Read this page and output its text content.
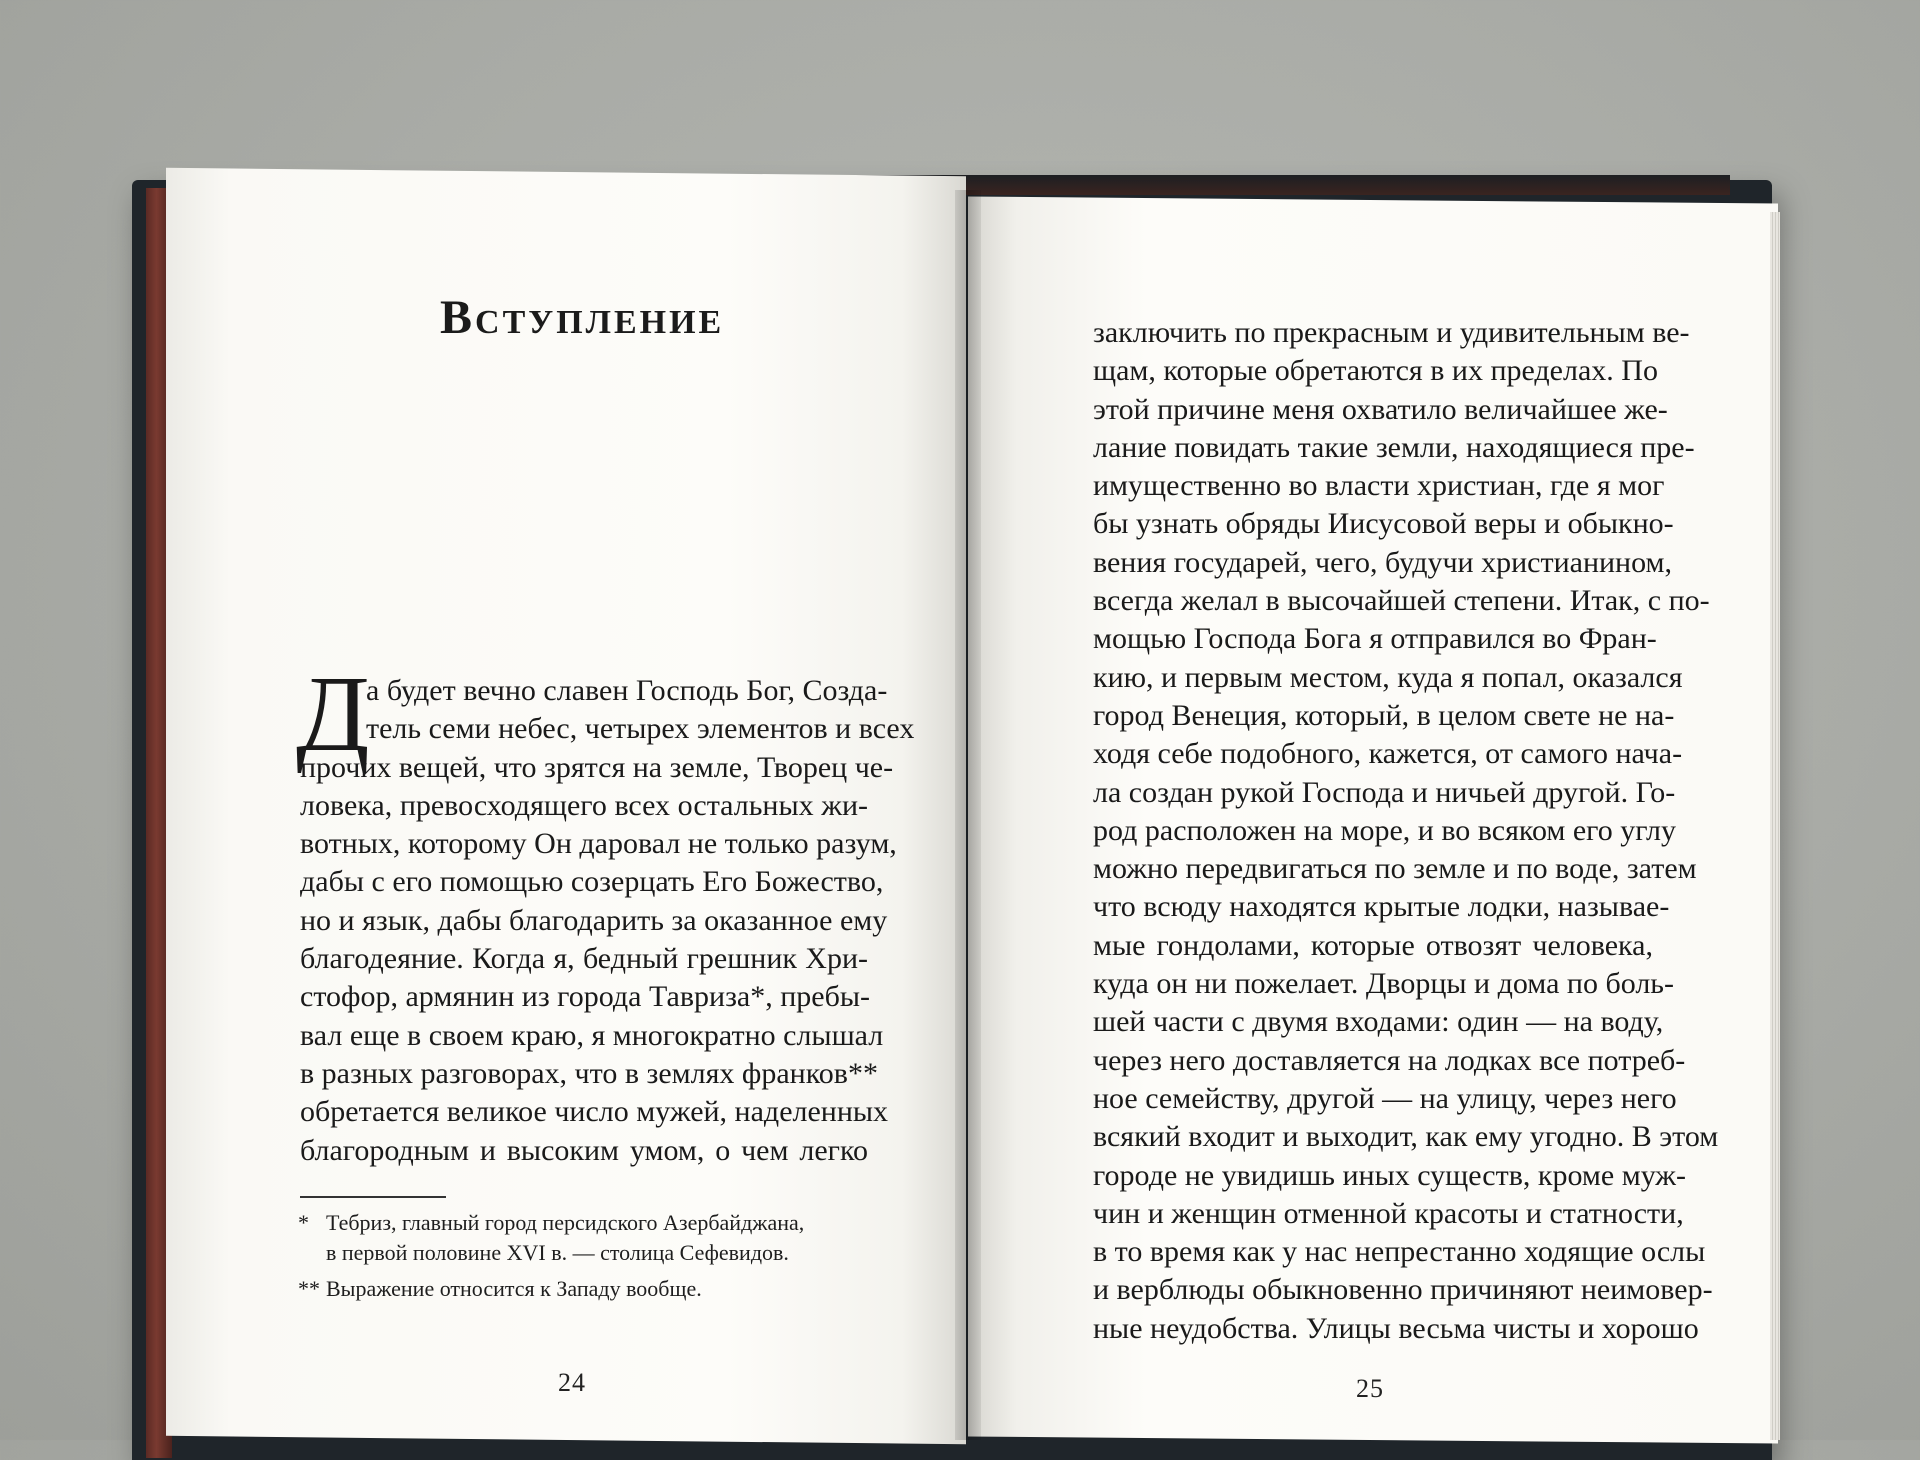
Вступление
Д
а будет вечно славен Господь Бог, Созда-
тель семи небес, четырех элементов и всех
прочих вещей, что зрятся на земле, Творец че-
ловека, превосходящего всех остальных жи-
вотных, которому Он даровал не только разум,
дабы с его помощью созерцать Его Божество,
но и язык, дабы благодарить за оказанное ему
благодеяние. Когда я, бедный грешник Хри-
стофор, армянин из города Тавриза*, пребы-
вал еще в своем краю, я многократно слышал
в разных разговорах, что в землях франков**
обретается великое число мужей, наделенных
благородным и высоким умом, о чем легко
* Тебриз, главный город персидского Азербайджана,
в первой половине XVI в. — столица Сефевидов.
** Выражение относится к Западу вообще.
24
заключить по прекрасным и удивительным ве-
щам, которые обретаются в их пределах. По
этой причине меня охватило величайшее же-
лание повидать такие земли, находящиеся пре-
имущественно во власти христиан, где я мог
бы узнать обряды Иисусовой веры и обыкно-
вения государей, чего, будучи христианином,
всегда желал в высочайшей степени. Итак, с по-
мощью Господа Бога я отправился во Фран-
кию, и первым местом, куда я попал, оказался
город Венеция, который, в целом свете не на-
ходя себе подобного, кажется, от самого нача-
ла создан рукой Господа и ничьей другой. Го-
род расположен на море, и во всяком его углу
можно передвигаться по земле и по воде, затем
что всюду находятся крытые лодки, называе-
мые гондолами, которые отвозят человека,
куда он ни пожелает. Дворцы и дома по боль-
шей части с двумя входами: один — на воду,
через него доставляется на лодках все потреб-
ное семейству, другой — на улицу, через него
всякий входит и выходит, как ему угодно. В этом
городе не увидишь иных существ, кроме муж-
чин и женщин отменной красоты и статности,
в то время как у нас непрестанно ходящие ослы
и верблюды обыкновенно причиняют неимовер-
ные неудобства. Улицы весьма чисты и хорошо
25
